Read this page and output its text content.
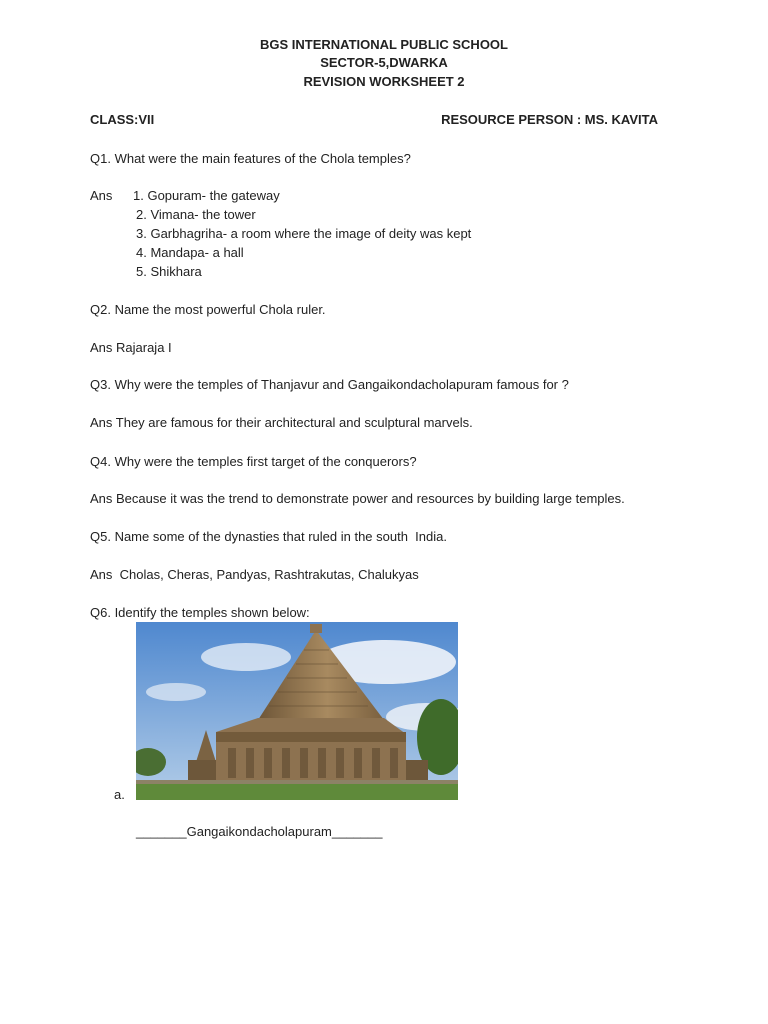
BGS INTERNATIONAL PUBLIC SCHOOL
SECTOR-5,DWARKA
REVISION WORKSHEET 2
CLASS:VII	RESOURCE PERSON : MS. KAVITA
Q1. What were the main features of the Chola temples?
Ans 1. Gopuram- the gateway
2. Vimana- the tower
3. Garbhagriha- a room where the image of deity was kept
4. Mandapa- a hall
5. Shikhara
Q2. Name the most powerful Chola ruler.
Ans Rajaraja I
Q3. Why were the temples of Thanjavur and Gangaikondacholapuram famous for ?
Ans They are famous for their architectural and sculptural marvels.
Q4. Why were the temples first target of the conquerors?
Ans Because it was the trend to demonstrate power and resources by building large temples.
Q5. Name some of the dynasties that ruled in the south  India.
Ans  Cholas, Cheras, Pandyas, Rashtrakutas, Chalukyas
Q6. Identify the temples shown below:
a.
_______Gangaikondacholapuram_______
